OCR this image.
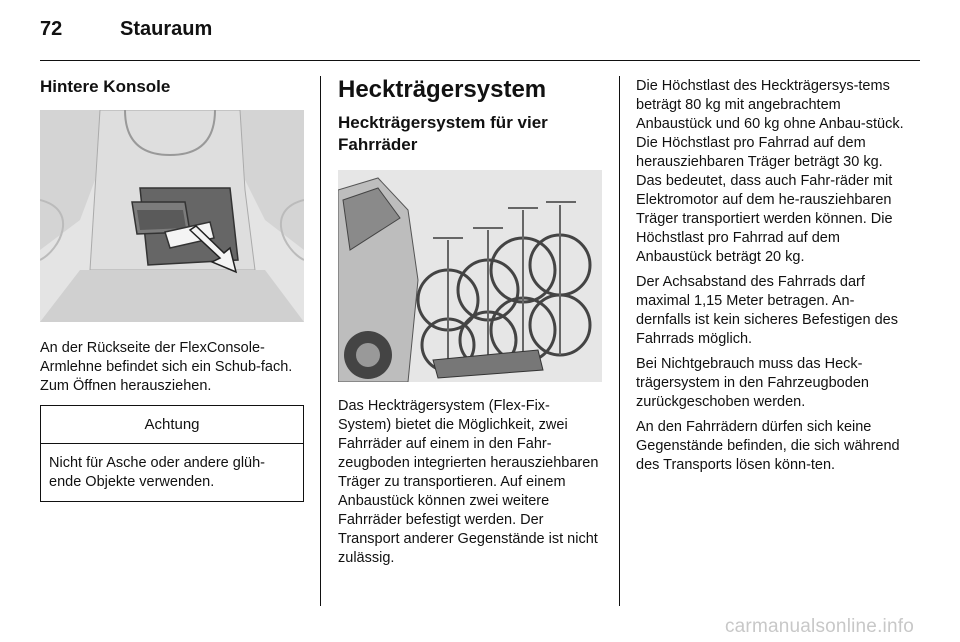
72	Stauraum
Hintere Konsole

An der Rückseite der FlexConsole-Armlehne befindet sich ein Schub-fach. Zum Öffnen herausziehen.

Achtung
Nicht für Asche oder andere glüh-ende Objekte verwenden.
Heckträgersystem
Heckträgersystem für vier Fahrräder

Das Heckträgersystem (Flex-Fix-System) bietet die Möglichkeit, zwei Fahrräder auf einem in den Fahr-zeugboden integrierten herausziehbaren Träger zu transportieren. Auf einem Anbaustück können zwei weitere Fahrräder befestigt werden. Der Transport anderer Gegenstände ist nicht zulässig.

Die Höchstlast des Heckträgersys-tems beträgt 80 kg mit angebrachtem Anbaustück und 60 kg ohne Anbau-stück. Die Höchstlast pro Fahrrad auf dem herausziehbaren Träger beträgt 30 kg. Das bedeutet, dass auch Fahr-räder mit Elektromotor auf dem he-rausziehbaren Träger transportiert werden können. Die Höchstlast pro Fahrrad auf dem Anbaustück beträgt 20 kg.

Der Achsabstand des Fahrrads darf maximal 1,15 Meter betragen. An-dernfalls ist kein sicheres Befestigen des Fahrrads möglich.

Bei Nichtgebrauch muss das Heck-trägersystem in den Fahrzeugboden zurückgeschoben werden.

An den Fahrrädern dürfen sich keine Gegenstände befinden, die sich während des Transports lösen könn-ten.

carmanualsonline.info
